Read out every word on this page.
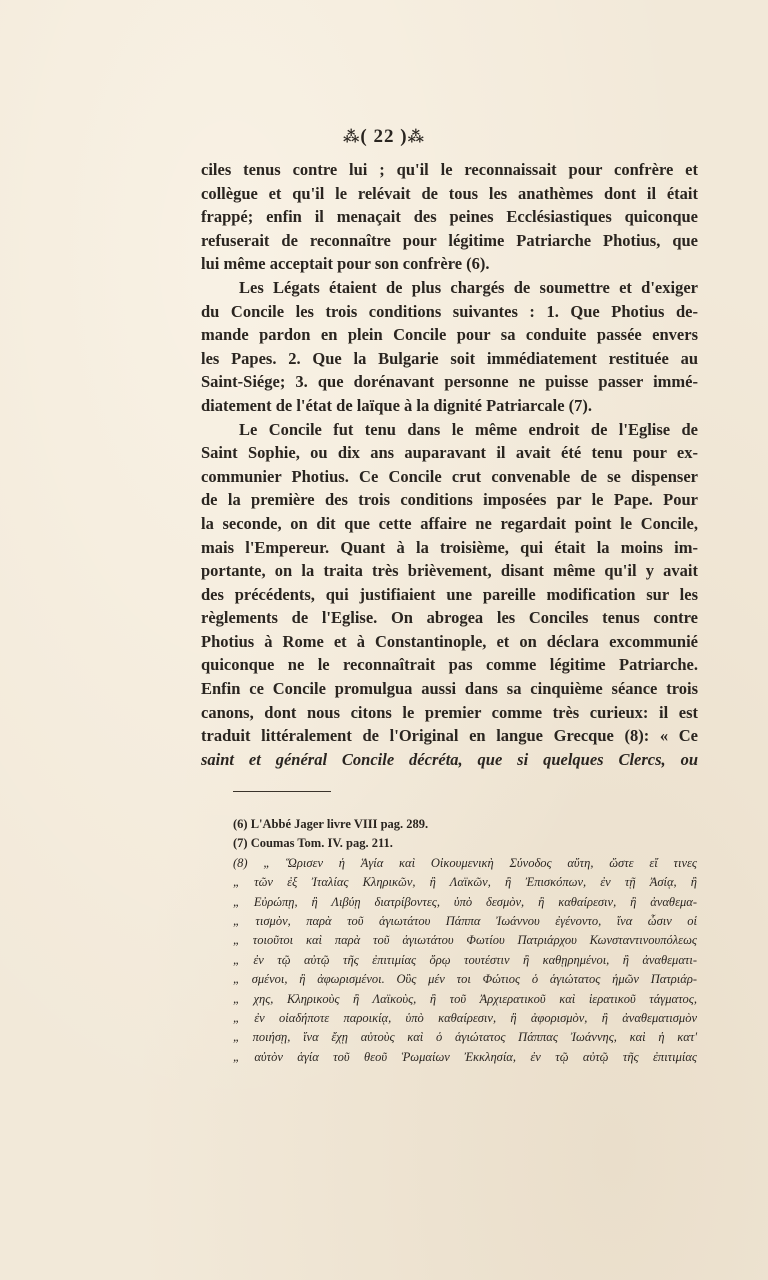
⁂( 22 )⁂
ciles tenus contre lui ; qu'il le reconnaissait pour confrère et
collègue et qu'il le relévait de tous les anathèmes dont il était
frappé; enfin il menaçait des peines Ecclésiastiques quiconque
refuserait de reconnaître pour légitime Patriarche Photius, que
lui même acceptait pour son confrère (6).
Les Légats étaient de plus chargés de soumettre et d'exiger
du Concile les trois conditions suivantes : 1. Que Photius de-
mande pardon en plein Concile pour sa conduite passée envers
les Papes. 2. Que la Bulgarie soit immédiatement restituée au
Saint-Siége; 3. que dorénavant personne ne puisse passer immé-
diatement de l'état de laïque à la dignité Patriarcale (7).
Le Concile fut tenu dans le même endroit de l'Eglise de
Saint Sophie, ou dix ans auparavant il avait été tenu pour ex-
communier Photius. Ce Concile crut convenable de se dispenser
de la première des trois conditions imposées par le Pape. Pour
la seconde, on dit que cette affaire ne regardait point le Concile,
mais l'Empereur. Quant à la troisième, qui était la moins im-
portante, on la traita très brièvement, disant même qu'il y avait
des précédents, qui justifiaient une pareille modification sur les
règlements de l'Eglise. On abrogea les Conciles tenus contre
Photius à Rome et à Constantinople, et on déclara excommunié
quiconque ne le reconnaîtrait pas comme légitime Patriarche.
Enfin ce Concile promulgua aussi dans sa cinquième séance trois
canons, dont nous citons le premier comme très curieux: il est
traduit littéralement de l'Original en langue Grecque (8): « Ce
saint et général Concile décréta, que si quelques Clercs, ou
(6) L'Abbé Jager livre VIII pag. 289.
(7) Coumas Tom. IV. pag. 211.
(8) „ Ὥρισεν ἡ Ἁγία καὶ Οἰκουμενικὴ Σύνοδος αὕτη, ὥστε εἴ τινες
„ τῶν ἐξ Ἰταλίας Κληρικῶν, ἢ Λαϊκῶν, ἢ Ἐπισκόπων, ἐν τῇ Ἀσίᾳ, ἢ
„ Εὐρώπῃ, ἢ Λιβύῃ διατρίβοντες, ὑπὸ δεσμὸν, ἢ καθαίρεσιν, ἢ ἀναθεμα-
„ τισμὸν, παρὰ τοῦ ἁγιωτάτου Πάππα Ἰωάννου ἐγένοντο, ἵνα ὦσιν οἱ
„ τοιοῦτοι καὶ παρὰ τοῦ ἁγιωτάτου Φωτίου Πατριάρχου Κωνσταντινουπόλεως
„ ἐν τῷ αὐτῷ τῆς ἐπιτιμίας ὅρῳ τουτέστιν ἢ καθῃρημένοι, ἢ ἀναθεματι-
„ σμένοι, ἢ ἀφωρισμένοι. Οὓς μέν τοι Φώτιος ὁ ἁγιώτατος ἡμῶν Πατριάρ-
„ χης, Κληρικοὺς ἢ Λαϊκοὺς, ἢ τοῦ Ἀρχιερατικοῦ καὶ ἱερατικοῦ τάγματος,
„ ἐν οἱαδήποτε παροικίᾳ, ὑπὸ καθαίρεσιν, ἢ ἀφορισμὸν, ἢ ἀναθεματισμὸν
„ ποιήσῃ, ἵνα ἔχῃ αὐτοὺς καὶ ὁ ἁγιώτατος Πάππας Ἰωάννης, καὶ ἡ κατ'
„ αὐτὸν ἁγία τοῦ θεοῦ Ῥωμαίων Ἐκκλησία, ἐν τῷ αὐτῷ τῆς ἐπιτιμίας
